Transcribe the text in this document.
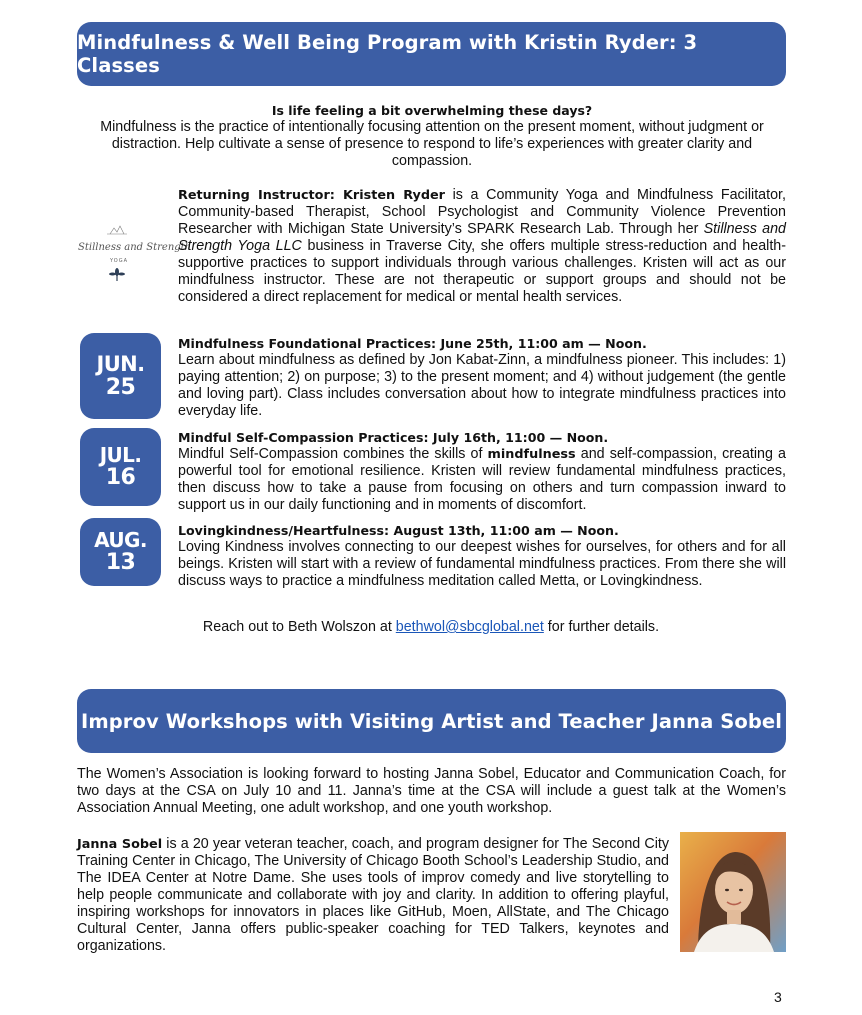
Mindfulness & Well Being Program with Kristin Ryder: 3 Classes
Is life feeling a bit overwhelming these days?
Mindfulness is the practice of intentionally focusing attention on the present moment, without judgment or distraction. Help cultivate a sense of presence to respond to life’s experiences with greater clarity and compassion.
Stillness and Strength
YOGA
Returning Instructor: Kristen Ryder is a Community Yoga and Mindfulness Facilitator, Community-based Therapist, School Psychologist and Community Violence Prevention Researcher with Michigan State University’s SPARK Research Lab. Through her Stillness and Strength Yoga LLC business in Traverse City, she offers multiple stress-reduction and health-supportive practices to support individuals through various challenges. Kristen will act as our mindfulness instructor. These are not therapeutic or support groups and should not be considered a direct replacement for medical or mental health services.
JUN.
25
Mindfulness Foundational Practices: June 25th, 11:00 am — Noon.
Learn about mindfulness as defined by Jon Kabat-Zinn, a mindfulness pioneer. This includes: 1) paying attention; 2) on purpose; 3) to the present moment; and 4) without judgement (the gentle and loving part). Class includes conversation about how to integrate mindfulness practices into everyday life.
JUL.
16
Mindful Self-Compassion Practices: July 16th, 11:00 — Noon.
Mindful Self-Compassion combines the skills of mindfulness and self-compassion, creating a powerful tool for emotional resilience. Kristen will review fundamental mindfulness practices, then discuss how to take a pause from focusing on others and turn compassion inward to support us in our daily functioning and in moments of discomfort.
AUG.
13
Lovingkindness/Heartfulness: August 13th, 11:00 am — Noon.
Loving Kindness involves connecting to our deepest wishes for ourselves, for others and for all beings. Kristen will start with a review of fundamental mindfulness practices. From there she will discuss ways to practice a mindfulness meditation called Metta, or Lovingkindness.
Reach out to Beth Wolszon at bethwol@sbcglobal.net for further details.
Improv Workshops with Visiting Artist and Teacher Janna Sobel
The Women’s Association is looking forward to hosting Janna Sobel, Educator and Communication Coach, for two days at the CSA on July 10 and 11. Janna’s time at the CSA will include a guest talk at the Women’s Association Annual Meeting, one adult workshop, and one youth workshop.
Janna Sobel is a 20 year veteran teacher, coach, and program designer for The Second City Training Center in Chicago, The University of Chicago Booth School’s Leadership Studio, and The IDEA Center at Notre Dame. She uses tools of improv comedy and live storytelling to help people communicate and collaborate with joy and clarity. In addition to offering playful, inspiring workshops for innovators in places like GitHub, Moen, AllState, and The Chicago Cultural Center, Janna offers public-speaker coaching for TED Talkers, keynotes and organizations.
3
